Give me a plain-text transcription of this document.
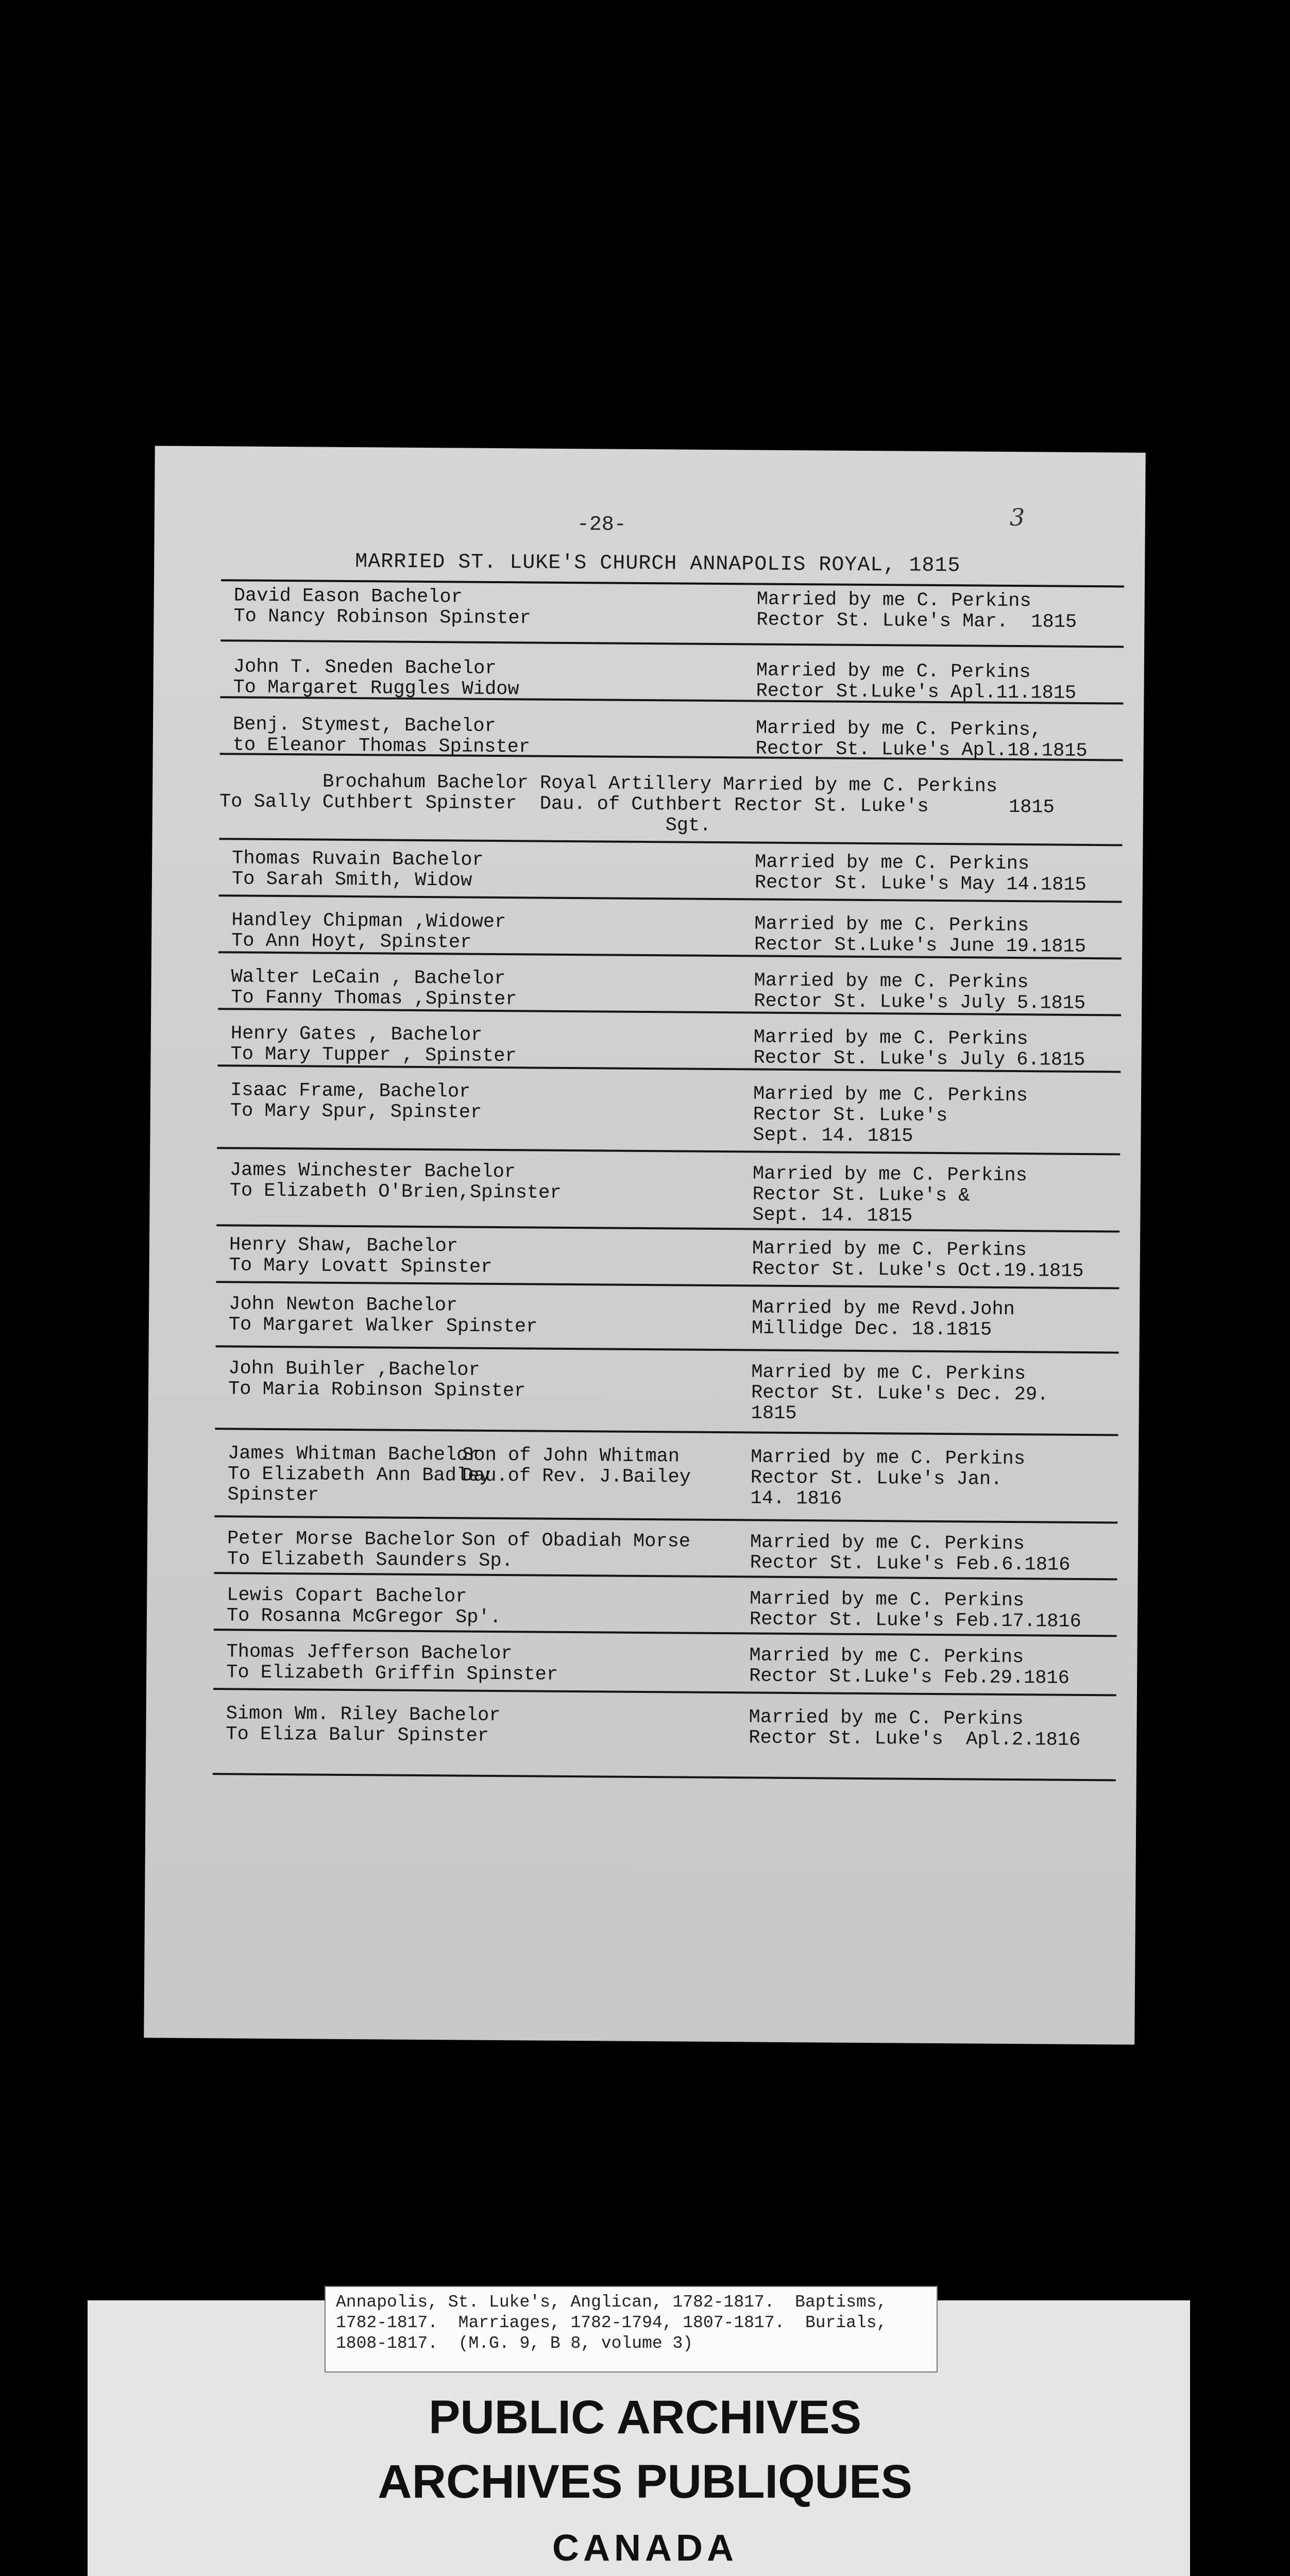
-28-	3
MARRIED ST. LUKE'S CHURCH ANNAPOLIS ROYAL, 1815
David Eason Bachelor
To Nancy Robinson Spinster
Married by me C. Perkins
Rector St. Luke's Mar.  1815
John T. Sneden Bachelor
To Margaret Ruggles Widow
Married by me C. Perkins
Rector St.Luke's Apl.11.1815
Benj. Stymest, Bachelor
to Eleanor Thomas Spinster
Married by me C. Perkins,
Rector St. Luke's Apl.18.1815
Brochahum Bachelor Royal Artillery Married by me C. Perkins
To Sally Cuthbert Spinster  Dau. of Cuthbert Rector St. Luke's       1815
Sgt.
Thomas Ruvain Bachelor
To Sarah Smith, Widow
Married by me C. Perkins
Rector St. Luke's May 14.1815
Handley Chipman ,Widower
To Ann Hoyt, Spinster
Married by me C. Perkins
Rector St.Luke's June 19.1815
Walter LeCain , Bachelor
To Fanny Thomas ,Spinster
Married by me C. Perkins
Rector St. Luke's July 5.1815
Henry Gates , Bachelor
To Mary Tupper , Spinster
Married by me C. Perkins
Rector St. Luke's July 6.1815
Isaac Frame, Bachelor
To Mary Spur, Spinster
Married by me C. Perkins
Rector St. Luke's
Sept. 14. 1815
James Winchester Bachelor
To Elizabeth O'Brien,Spinster
Married by me C. Perkins
Rector St. Luke's &
Sept. 14. 1815
Henry Shaw, Bachelor
To Mary Lovatt Spinster
Married by me C. Perkins
Rector St. Luke's Oct.19.1815
John Newton Bachelor
To Margaret Walker Spinster
Married by me Revd.John
Millidge Dec. 18.1815
John Buihler ,Bachelor
To Maria Robinson Spinster
Married by me C. Perkins
Rector St. Luke's Dec. 29.
1815
James Whitman Bachelor
To Elizabeth Ann Badley
Spinster
Son of John Whitman
Dau.of Rev. J.Bailey
Married by me C. Perkins
Rector St. Luke's Jan.
14. 1816
Peter Morse Bachelor
To Elizabeth Saunders Sp.
Son of Obadiah Morse	Married by me C. Perkins
Rector St. Luke's Feb.6.1816
Lewis Copart Bachelor
To Rosanna McGregor Sp'.
Married by me C. Perkins
Rector St. Luke's Feb.17.1816
Thomas Jefferson Bachelor
To Elizabeth Griffin Spinster
Married by me C. Perkins
Rector St.Luke's Feb.29.1816
Simon Wm. Riley Bachelor
To Eliza Balur Spinster
Married by me C. Perkins
Rector St. Luke's  Apl.2.1816
PUBLIC ARCHIVES
ARCHIVES PUBLIQUES
CANADA
Annapolis, St. Luke's, Anglican, 1782-1817.  Baptisms,
1782-1817.  Marriages, 1782-1794, 1807-1817.  Burials,
1808-1817.  (M.G. 9, B 8, volume 3)
